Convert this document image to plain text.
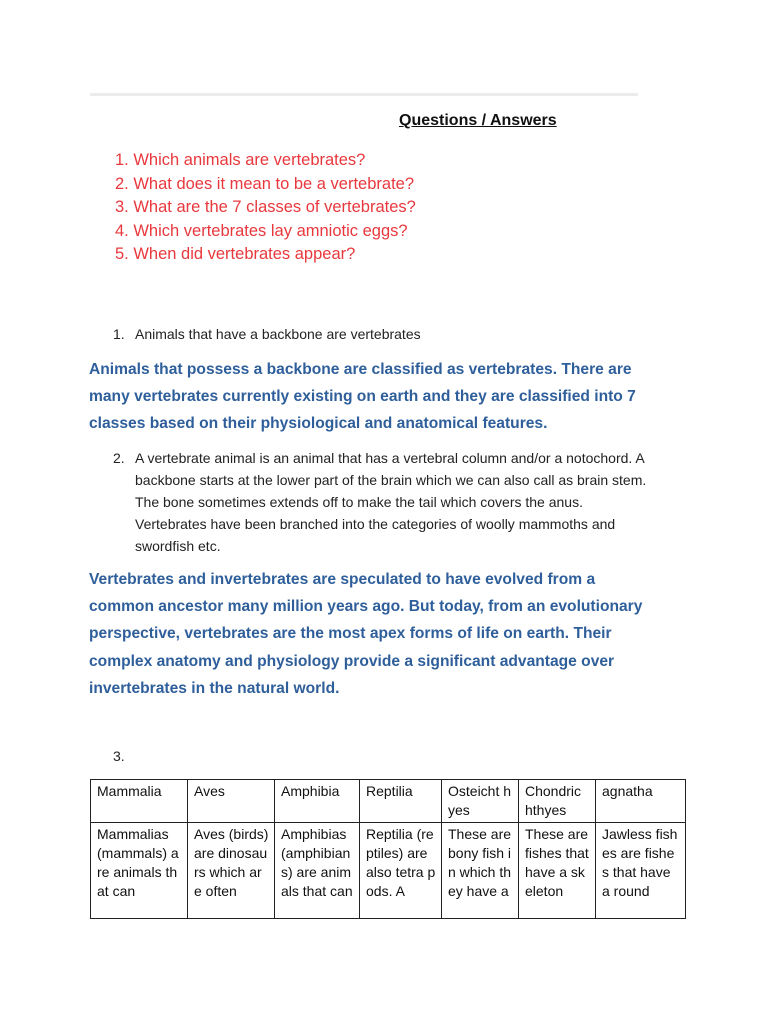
Questions / Answers
1. Which animals are vertebrates?
2. What does it mean to be a vertebrate?
3. What are the 7 classes of vertebrates?
4. Which vertebrates lay amniotic eggs?
5. When did vertebrates appear?
1. Animals that have a backbone are vertebrates
Animals that possess a backbone are classified as vertebrates. There are
many vertebrates currently existing on earth and they are classified into 7
classes based on their physiological and anatomical features.
2. A vertebrate animal is an animal that has a vertebral column and/or a notochord. A
backbone starts at the lower part of the brain which we can also call as brain stem.
The bone sometimes extends off to make the tail which covers the anus.
Vertebrates have been branched into the categories of woolly mammoths and
swordfish etc.
Vertebrates and invertebrates are speculated to have evolved from a
common ancestor many million years ago. But today, from an evolutionary
perspective, vertebrates are the most apex forms of life on earth. Their
complex anatomy and physiology provide a significant advantage over
invertebrates in the natural world.
3.
Mammalia	Aves	Amphibia	Reptilia	Osteicht hyes	Chondric hthyes	agnatha
Mammalias (mammals) are animals that can	Aves (birds) are dinosaurs which are often	Amphibias (amphibians) are animals that can	Reptilia (reptiles) are also tetra pods. A	These are bony fish in which they have a	These are fishes that have a skeleton	Jawless fishes are fishes that have a round
